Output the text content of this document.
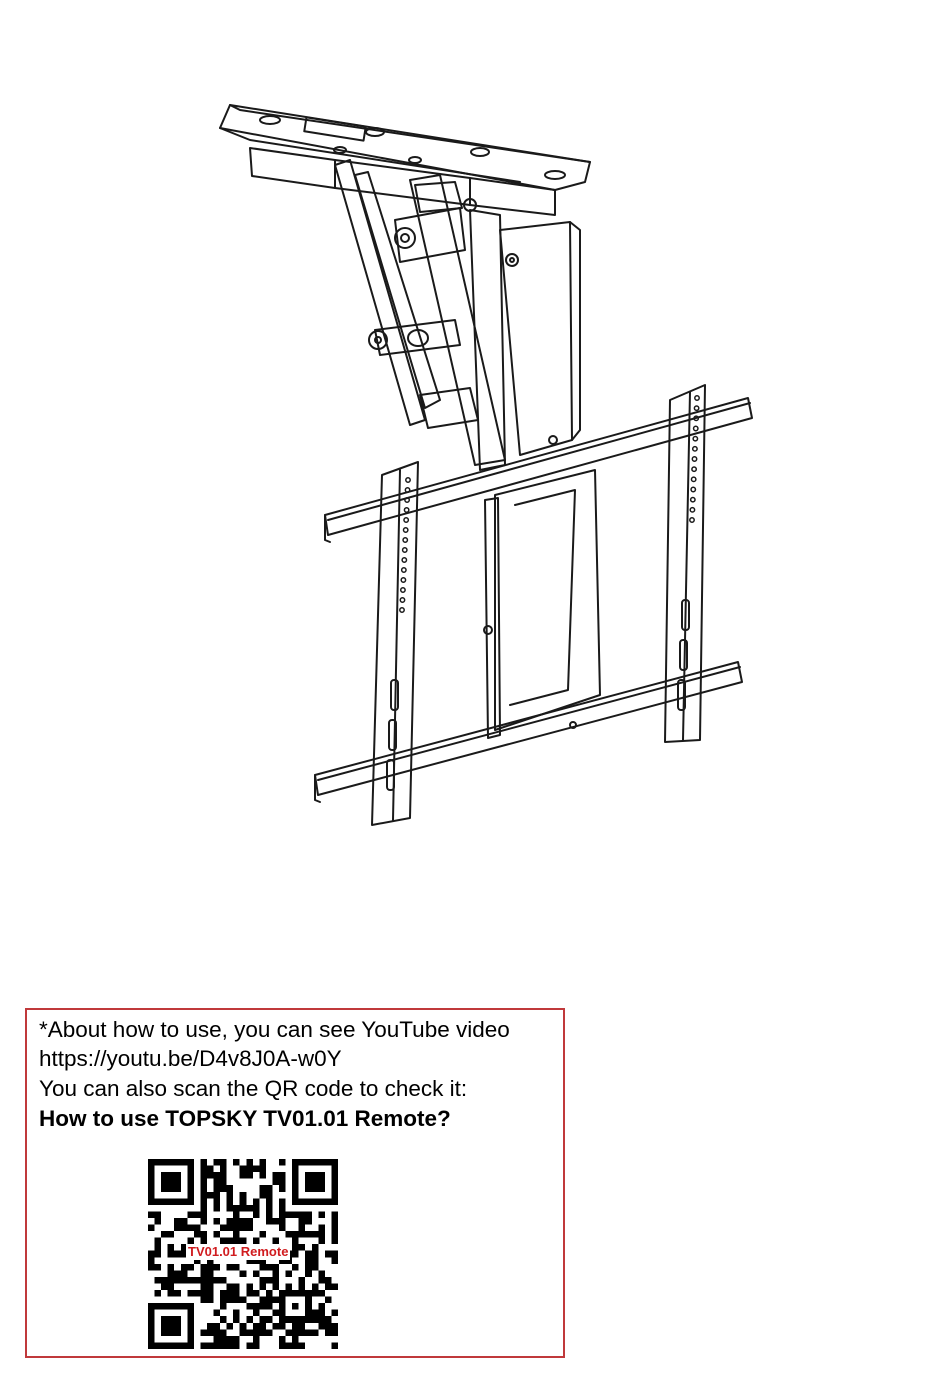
*About how to use, you can see YouTube video
https://youtu.be/D4v8J0A-w0Y
You can also scan the QR code to check it:
How to use TOPSKY TV01.01 Remote?
TV01.01 Remote
